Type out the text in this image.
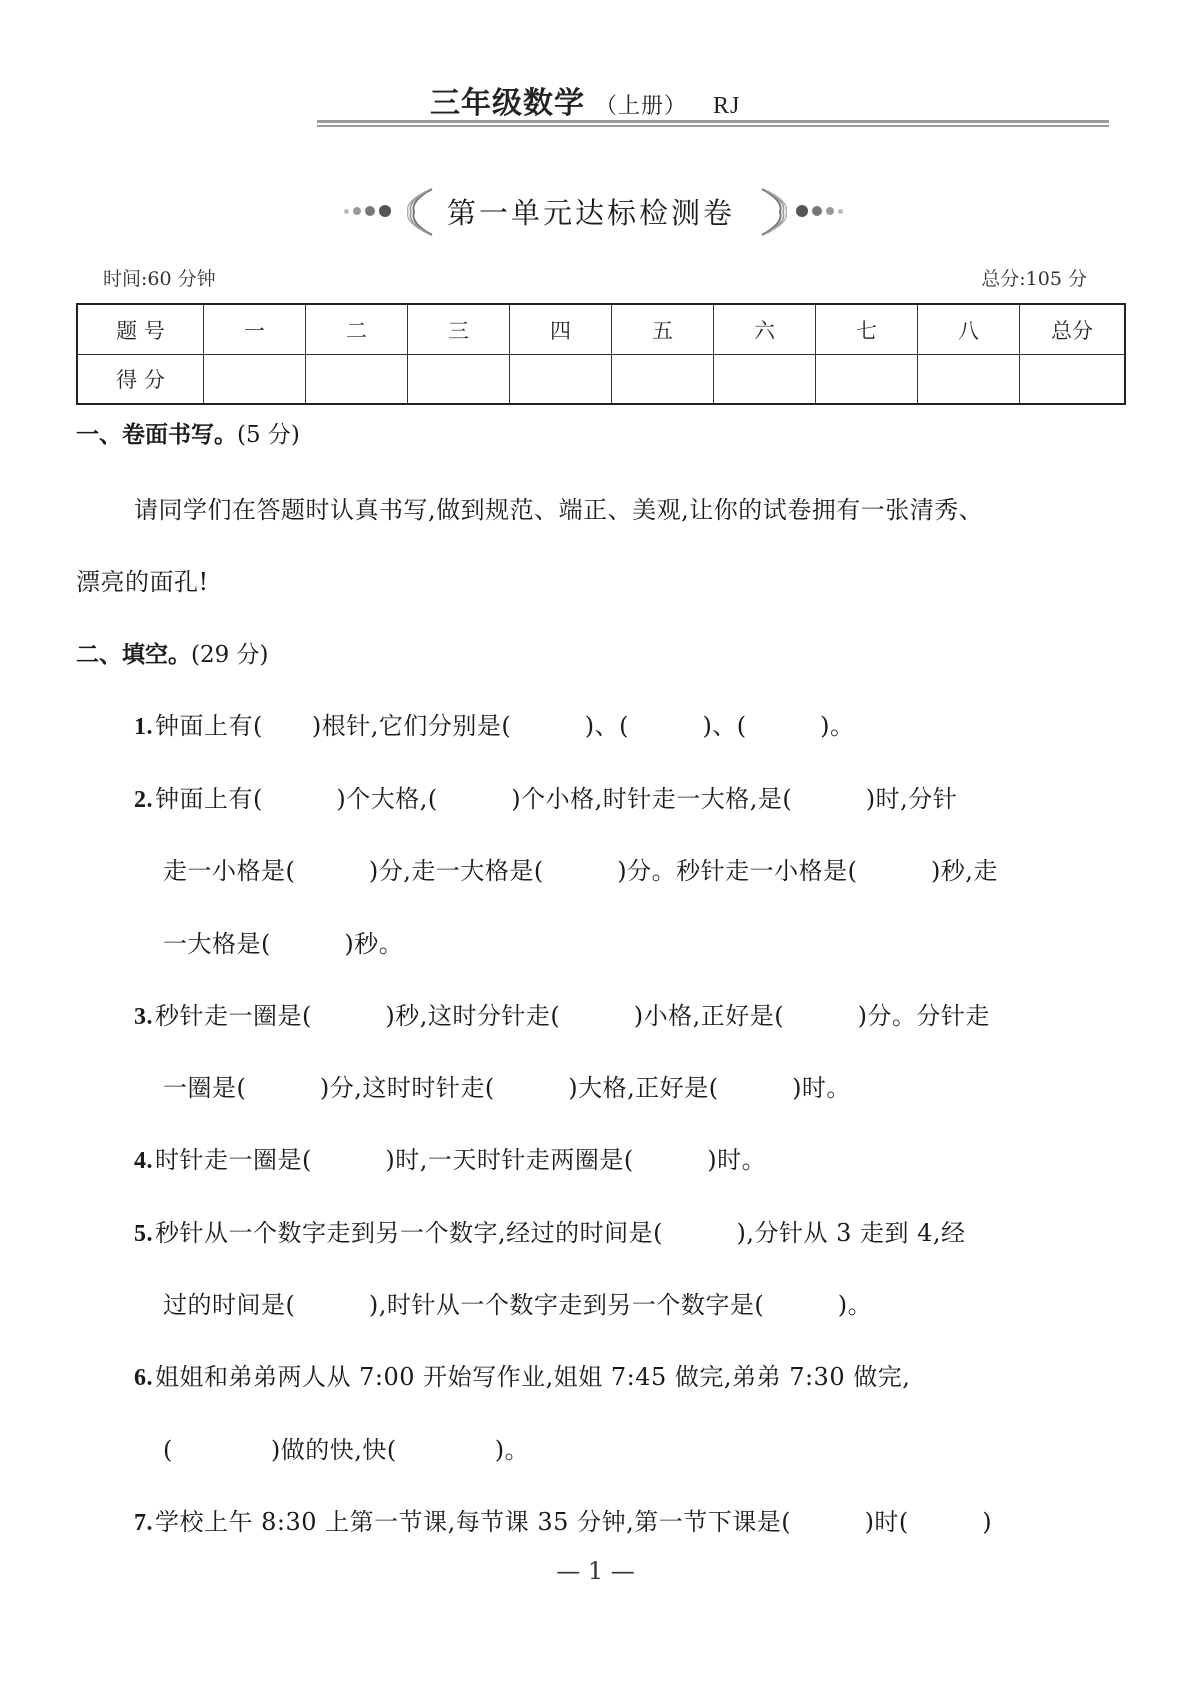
三年级数学 （上册） RJ
第一单元达标检测卷
时间:60 分钟	总分:105 分
题 号	一	二	三	四	五	六	七	八	总分
得 分									
一、卷面书写。(5 分)
请同学们在答题时认真书写,做到规范、端正、美观,让你的试卷拥有一张清秀、
漂亮的面孔!
二、填空。(29 分)
1.钟面上有(　　)根针,它们分别是(　　　)、(　　　)、(　　　)。
2.钟面上有(　　　)个大格,(　　　)个小格,时针走一大格,是(　　　)时,分针
走一小格是(　　　)分,走一大格是(　　　)分。秒针走一小格是(　　　)秒,走
一大格是(　　　)秒。
3.秒针走一圈是(　　　)秒,这时分针走(　　　)小格,正好是(　　　)分。分针走
一圈是(　　　)分,这时时针走(　　　)大格,正好是(　　　)时。
4.时针走一圈是(　　　)时,一天时针走两圈是(　　　)时。
5.秒针从一个数字走到另一个数字,经过的时间是(　　　),分针从 3 走到 4,经
过的时间是(　　　),时针从一个数字走到另一个数字是(　　　)。
6.姐姐和弟弟两人从 7:00 开始写作业,姐姐 7:45 做完,弟弟 7:30 做完,
(　　　　)做的快,快(　　　　)。
7.学校上午 8:30 上第一节课,每节课 35 分钟,第一节下课是(　　　)时(　　　)
— 1 —
